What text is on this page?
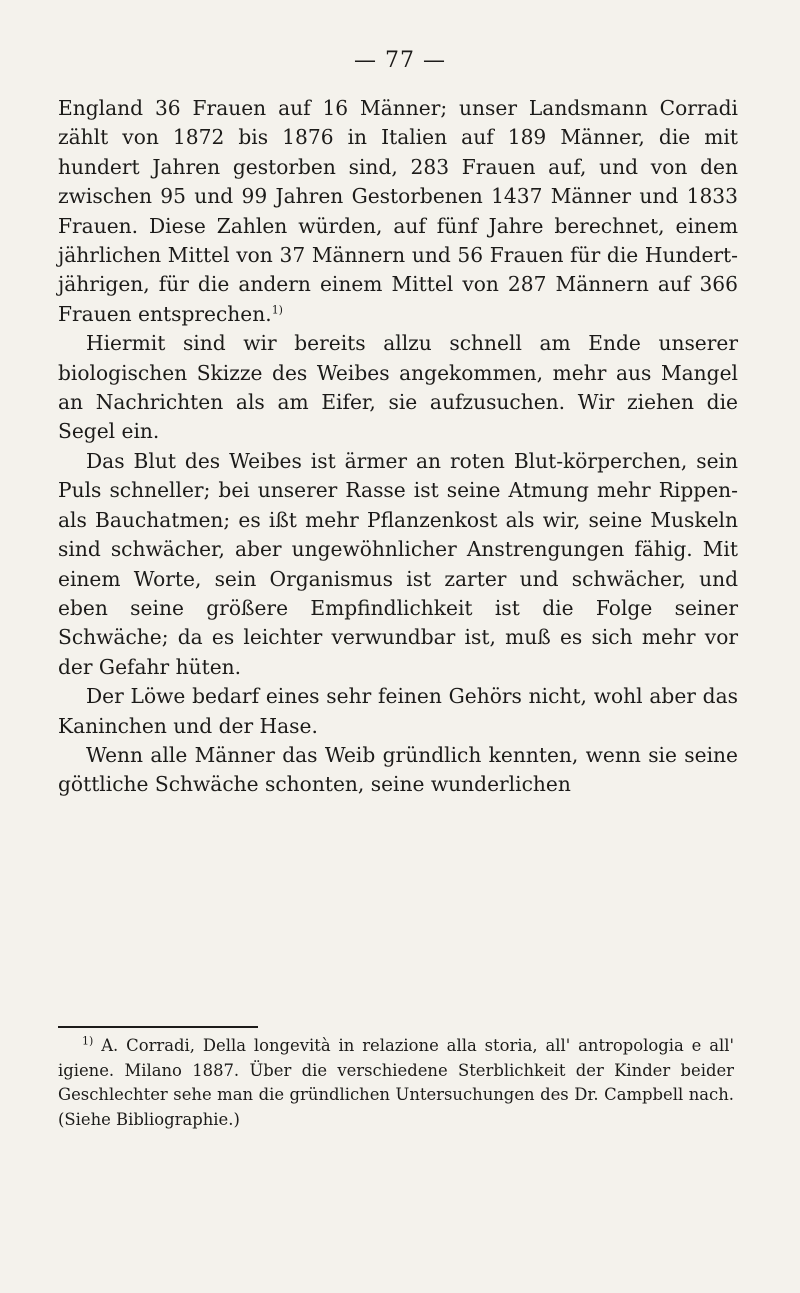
— 77 —

England 36 Frauen auf 16 Männer; unser Landsmann Corradi zählt von 1872 bis 1876 in Italien auf 189 Männer, die mit hundert Jahren gestorben sind, 283 Frauen auf, und von den zwischen 95 und 99 Jahren Gestorbenen 1437 Männer und 1833 Frauen. Diese Zahlen würden, auf fünf Jahre berechnet, einem jährlichen Mittel von 37 Männern und 56 Frauen für die Hundert-jährigen, für die andern einem Mittel von 287 Männern auf 366 Frauen entsprechen.$^{1)}$

Hiermit sind wir bereits allzu schnell am Ende unserer biologischen Skizze des Weibes angekommen, mehr aus Mangel an Nachrichten als am Eifer, sie aufzusuchen. Wir ziehen die Segel ein.

Das Blut des Weibes ist ärmer an roten Blut-körperchen, sein Puls schneller; bei unserer Rasse ist seine Atmung mehr Rippen- als Bauchatmen; es ißt mehr Pflanzenkost als wir, seine Muskeln sind schwächer, aber ungewöhnlicher Anstrengungen fähig. Mit einem Worte, sein Organismus ist zarter und schwächer, und eben seine größere Empfindlichkeit ist die Folge seiner Schwäche; da es leichter verwundbar ist, muß es sich mehr vor der Gefahr hüten.

Der Löwe bedarf eines sehr feinen Gehörs nicht, wohl aber das Kaninchen und der Hase.

Wenn alle Männer das Weib gründlich kennten, wenn sie seine göttliche Schwäche schonten, seine wunderlichen

$^{1)}$ A. Corradi, Della longevità in relazione alla storia, all' antropologia e all' igiene. Milano 1887. Über die verschiedene Sterblichkeit der Kinder beider Geschlechter sehe man die gründlichen Untersuchungen des Dr. Campbell nach. (Siehe Bibliographie.)
